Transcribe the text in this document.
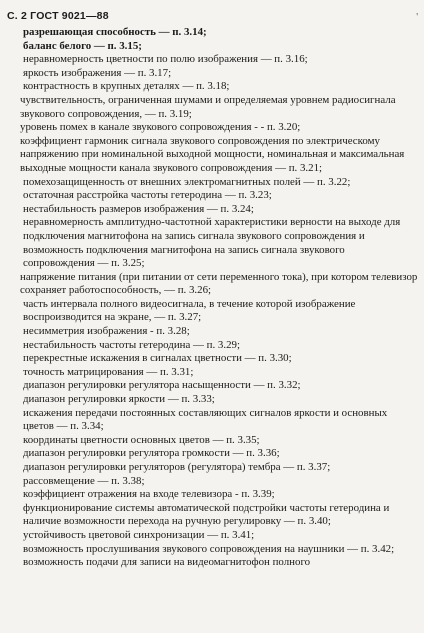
С. 2 ГОСТ 9021—88	'
разрешающая способность — п. 3.14;
баланс белого — п. 3.15;
неравномерность цветности по полю изображения — п. 3.16;
яркость изображения — п. 3.17;
контрастность в крупных деталях — п. 3.18;
чувствительность, ограниченная шумами и определяемая уровнем радиосигнала звукового сопровождения, — п. 3.19;
уровень помех в канале звукового сопровождения - - п. 3.20;
коэффициент гармоник сигнала звукового сопровождения по электрическому напряжению при номинальной выходной мощности, номинальная и максимальная выходные мощности канала звукового сопровождения — п. 3.21;
помехозащищенность от внешних электромагнитных полей — п. 3.22;
остаточная расстройка частоты гетеродина — п. 3.23;
нестабильность размеров изображения — п. 3.24;
неравномерность амплитудно-частотной характеристики верности на выходе для подключения магнитофона на запись сигнала звукового сопровождения и возможность подключения магнитофона на запись сигнала звукового сопровождения — п. 3.25;
напряжение питания (при питании от сети переменного тока), при котором телевизор сохраняет работоспособность, — п. 3.26;
часть интервала полного видеосигнала, в течение которой изображение воспроизводится на экране, — п. 3.27;
несимметрия изображения - п. 3.28;
нестабильность частоты гетеродина — п. 3.29;
перекрестные искажения в сигналах цветности — п. 3.30;
точность матрицирования — п. 3.31;
диапазон регулировки регулятора насыщенности — п. 3.32;
диапазон регулировки яркости — п. 3.33;
искажения передачи постоянных составляющих сигналов яркости и основных цветов — п. 3.34;
координаты цветности основных цветов — п. 3.35;
диапазон регулировки регулятора громкости — п. 3.36;
диапазон регулировки регуляторов (регулятора) тембра — п. 3.37;
рассовмещение — п. 3.38;
коэффициент отражения на входе телевизора - п. 3.39;
функционирование системы автоматической подстройки частоты гетеродина и наличие возможности перехода на ручную регулировку — п. 3.40;
устойчивость цветовой синхронизации — п. 3.41;
возможность прослушивания звукового сопровождения на наушники — п. 3.42;
возможность подачи для записи на видеомагнитофон полного
